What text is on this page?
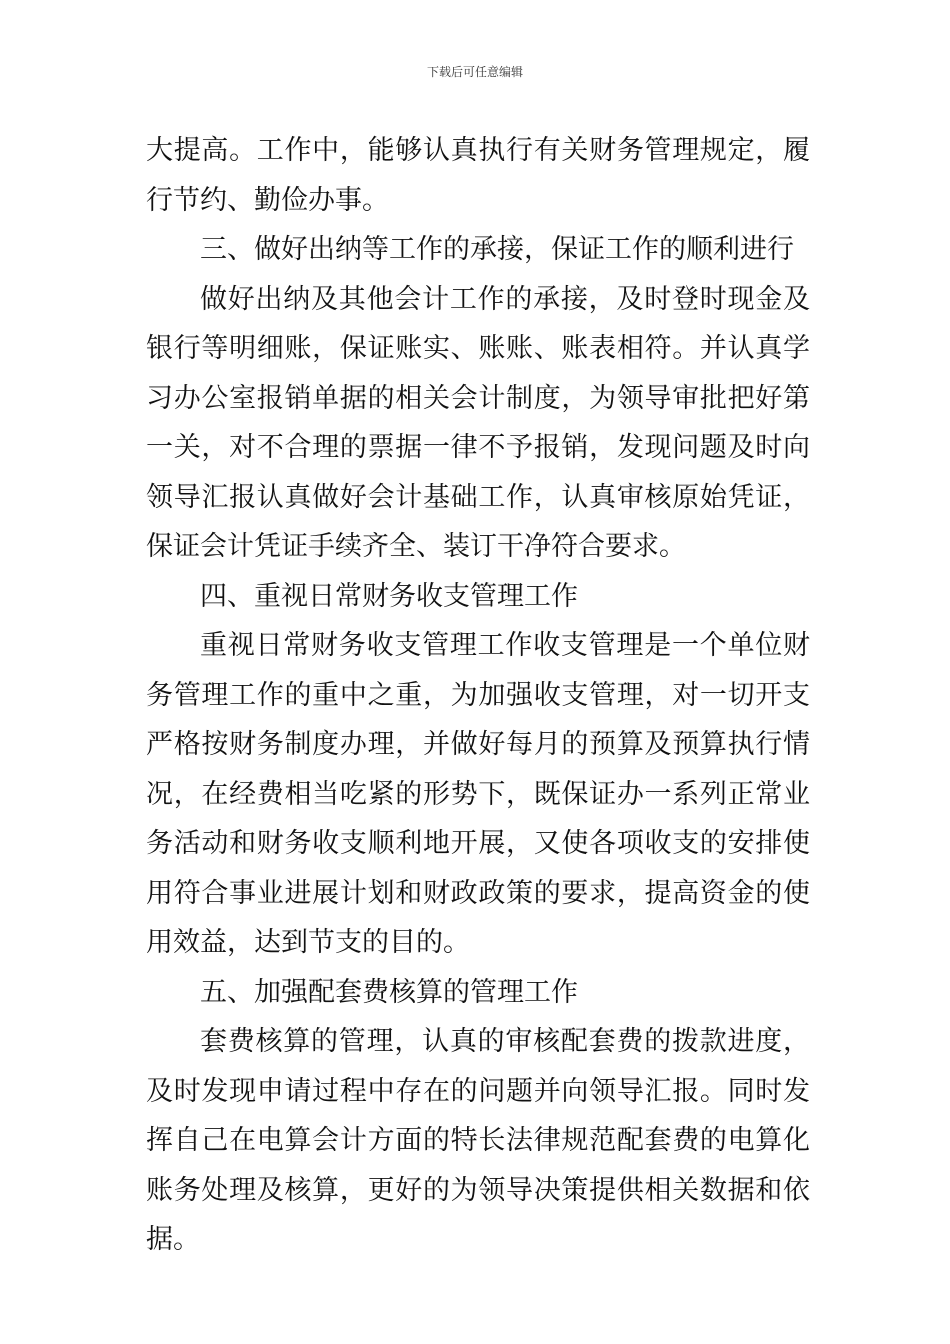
下载后可任意编辑

大提高。工作中，能够认真执行有关财务管理规定，履行节约、勤俭办事。

三、做好出纳等工作的承接，保证工作的顺利进行

做好出纳及其他会计工作的承接，及时登时现金及银行等明细账，保证账实、账账、账表相符。并认真学习办公室报销单据的相关会计制度，为领导审批把好第一关，对不合理的票据一律不予报销，发现问题及时向领导汇报认真做好会计基础工作，认真审核原始凭证，保证会计凭证手续齐全、装订干净符合要求。

四、重视日常财务收支管理工作

重视日常财务收支管理工作收支管理是一个单位财务管理工作的重中之重，为加强收支管理，对一切开支严格按财务制度办理，并做好每月的预算及预算执行情况，在经费相当吃紧的形势下，既保证办一系列正常业务活动和财务收支顺利地开展，又使各项收支的安排使用符合事业进展计划和财政政策的要求，提高资金的使用效益，达到节支的目的。

五、加强配套费核算的管理工作

套费核算的管理，认真的审核配套费的拨款进度，及时发现申请过程中存在的问题并向领导汇报。同时发挥自己在电算会计方面的特长法律规范配套费的电算化账务处理及核算，更好的为领导决策提供相关数据和依据。
